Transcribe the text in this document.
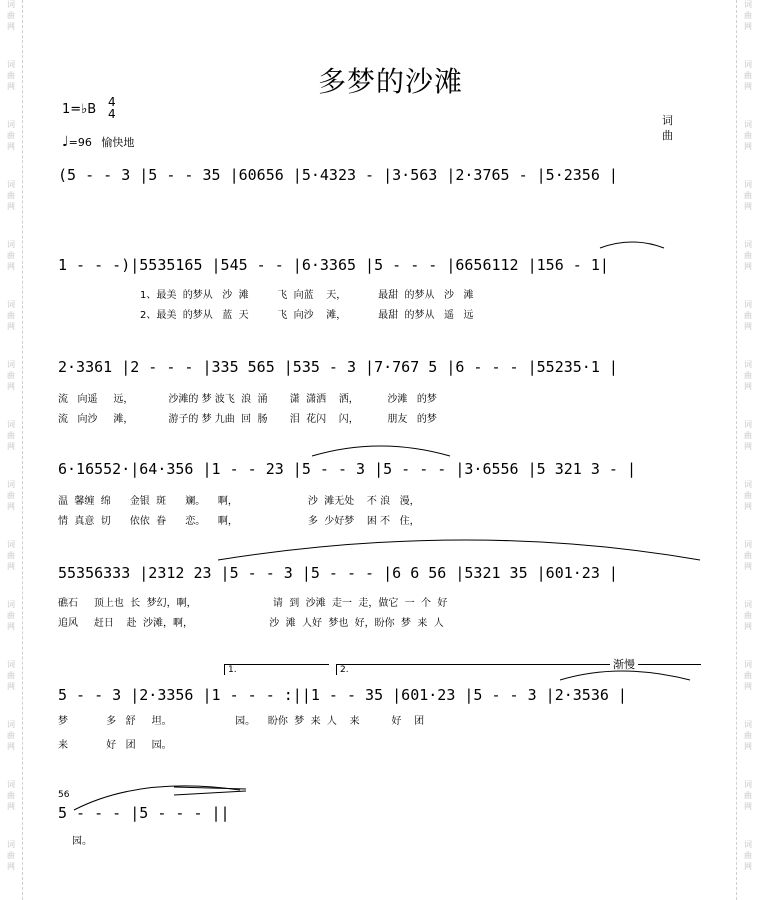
词
曲
网
词
曲
网
词
曲
网
词
曲
网
词
曲
网
词
曲
网
词
曲
网
词
曲
网
词
曲
网
词
曲
网
词
曲
网
词
曲
网
词
曲
网
词
曲
网
词
曲
网
词
曲
网
词
曲
网
词
曲
网
词
曲
网
词
曲
网
词
曲
网
词
曲
网
词
曲
网
词
曲
网
词
曲
网
词
曲
网
词
曲
网
词
曲
网
词
曲
网
词
曲
网
多梦的沙滩
1=♭B 4
4
♩=96 愉快地
词
曲
(5 - - 3 |5 - - 35 |60656 |5·4323 - |3·563 |2·3765 - |5·2356 |
1 - - -)|5535165 |545 - - |6·3365 |5 - - - |6656112 |156 - 1|
1、最美  的梦从   沙  滩         飞  向蓝    天，          最甜  的梦从   沙   滩
2、最美  的梦从   蓝  天         飞  向沙    滩，          最甜  的梦从   遥   远
2·3361 |2 - - - |335 565 |535 - 3 |7·767 5 |6 - - - |55235·1 |
流   向遥     远，           沙滩的 梦 波飞  浪  涌       潇  潇洒    洒，         沙滩   的梦
流   向沙     滩，           游子的 梦 九曲  回  肠       泪  花闪    闪，         朋友   的梦
6·16552·|64·356 |1 - - 23 |5 - - 3 |5 - - - |3·6556 |5 321 3 - |
温  馨缠  绵      金银  斑      斓。    啊，                      沙  滩无处    不 浪   漫，
情  真意  切      依依  眷      恋。    啊，                      多  少好梦    困 不   住，
55356333 |2312 23 |5 - - 3 |5 - - - |6 6 56 |5321 35 |601·23 |
礁石     顶上也  长  梦幻，啊，                        请  到  沙滩  走一  走，做它  一  个  好
追风     赶日    赴  沙滩，啊，                        沙  滩  人好  梦也  好，盼你  梦  来  人
1.	2.	渐慢
5 - - 3 |2·3356 |1 - - - :||1 - - 35 |601·23 |5 - - 3 |2·3536 |
梦            多   舒     坦。                    园。    盼你  梦  来  人    来          好    团
来            好   团     园。
56
5 - - - |5 - - - ||
园。
